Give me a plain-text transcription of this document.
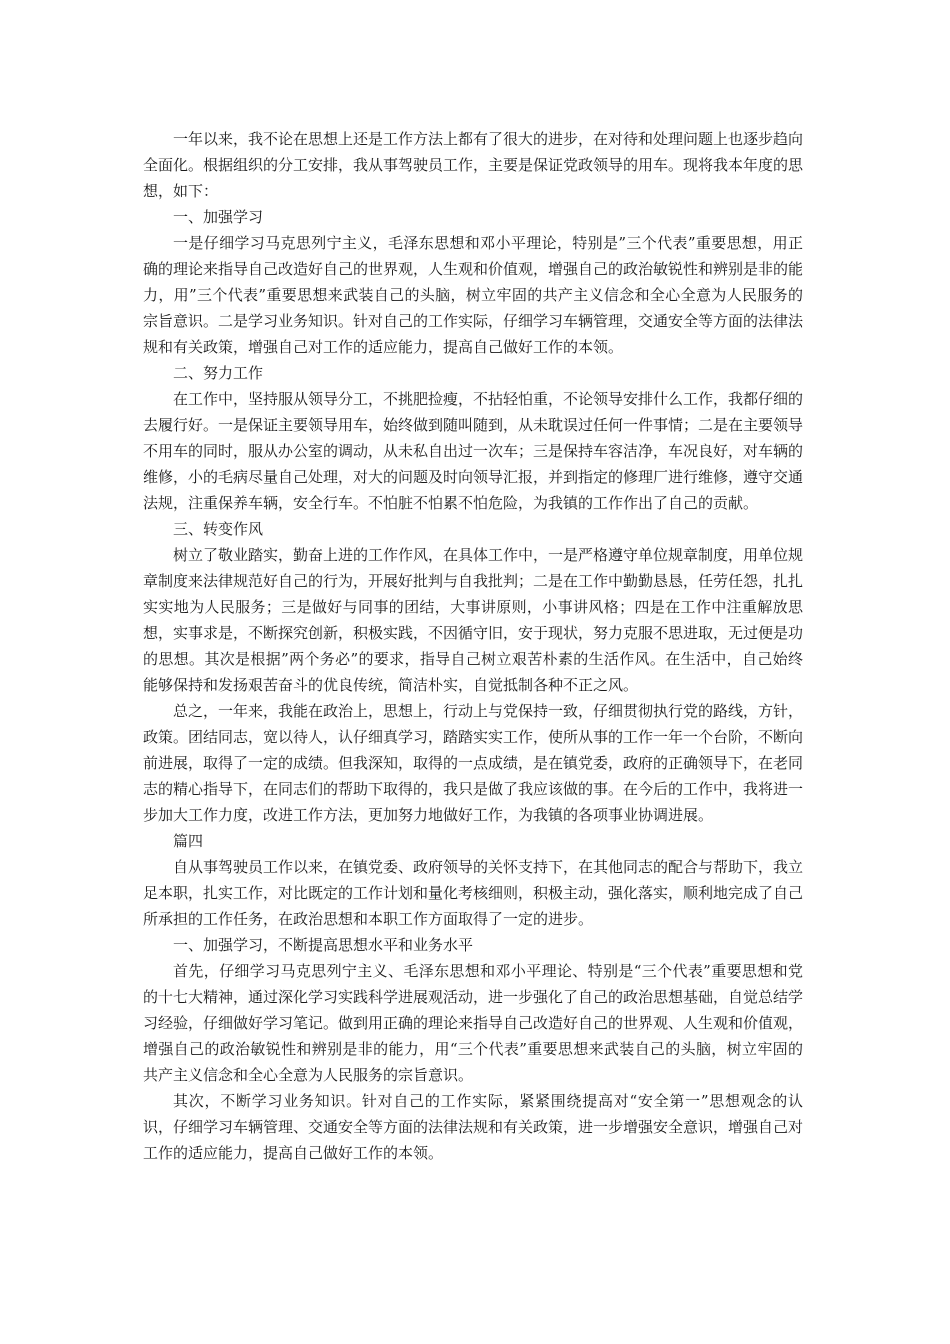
一年以来，我不论在思想上还是工作方法上都有了很大的进步，在对待和处理问题上也逐步趋向全面化。根据组织的分工安排，我从事驾驶员工作，主要是保证党政领导的用车。现将我本年度的思想，如下：

一、加强学习

一是仔细学习马克思列宁主义，毛泽东思想和邓小平理论，特别是”三个代表”重要思想，用正确的理论来指导自己改造好自己的世界观，人生观和价值观，增强自己的政治敏锐性和辨别是非的能力，用”三个代表”重要思想来武装自己的头脑，树立牢固的共产主义信念和全心全意为人民服务的宗旨意识。二是学习业务知识。针对自己的工作实际，仔细学习车辆管理，交通安全等方面的法律法规和有关政策，增强自己对工作的适应能力，提高自己做好工作的本领。

二、努力工作

在工作中，坚持服从领导分工，不挑肥捡瘦，不拈轻怕重，不论领导安排什么工作，我都仔细的去履行好。一是保证主要领导用车，始终做到随叫随到，从未耽误过任何一件事情；二是在主要领导不用车的同时，服从办公室的调动，从未私自出过一次车；三是保持车容洁净，车况良好，对车辆的维修，小的毛病尽量自己处理，对大的问题及时向领导汇报，并到指定的修理厂进行维修，遵守交通法规，注重保养车辆，安全行车。不怕脏不怕累不怕危险，为我镇的工作作出了自己的贡献。

三、转变作风

树立了敬业踏实，勤奋上进的工作作风，在具体工作中，一是严格遵守单位规章制度，用单位规章制度来法律规范好自己的行为，开展好批判与自我批判；二是在工作中勤勤恳恳，任劳任怨，扎扎实实地为人民服务；三是做好与同事的团结，大事讲原则，小事讲风格；四是在工作中注重解放思想，实事求是，不断探究创新，积极实践，不因循守旧，安于现状，努力克服不思进取，无过便是功的思想。其次是根据”两个务必”的要求，指导自己树立艰苦朴素的生活作风。在生活中，自己始终能够保持和发扬艰苦奋斗的优良传统，简洁朴实，自觉抵制各种不正之风。

总之，一年来，我能在政治上，思想上，行动上与党保持一致，仔细贯彻执行党的路线，方针，政策。团结同志，宽以待人，认仔细真学习，踏踏实实工作，使所从事的工作一年一个台阶，不断向前进展，取得了一定的成绩。但我深知，取得的一点成绩，是在镇党委，政府的正确领导下，在老同志的精心指导下，在同志们的帮助下取得的，我只是做了我应该做的事。在今后的工作中，我将进一步加大工作力度，改进工作方法，更加努力地做好工作，为我镇的各项事业协调进展。

篇四

自从事驾驶员工作以来，在镇党委、政府领导的关怀支持下，在其他同志的配合与帮助下，我立足本职，扎实工作，对比既定的工作计划和量化考核细则，积极主动，强化落实，顺利地完成了自己所承担的工作任务，在政治思想和本职工作方面取得了一定的进步。

一、加强学习，不断提高思想水平和业务水平

首先，仔细学习马克思列宁主义、毛泽东思想和邓小平理论、特别是“三个代表”重要思想和党的十七大精神，通过深化学习实践科学进展观活动，进一步强化了自己的政治思想基础，自觉总结学习经验，仔细做好学习笔记。做到用正确的理论来指导自己改造好自己的世界观、人生观和价值观，增强自己的政治敏锐性和辨别是非的能力，用“三个代表”重要思想来武装自己的头脑，树立牢固的共产主义信念和全心全意为人民服务的宗旨意识。

其次，不断学习业务知识。针对自己的工作实际，紧紧围绕提高对“安全第一”思想观念的认识，仔细学习车辆管理、交通安全等方面的法律法规和有关政策，进一步增强安全意识，增强自己对工作的适应能力，提高自己做好工作的本领。
